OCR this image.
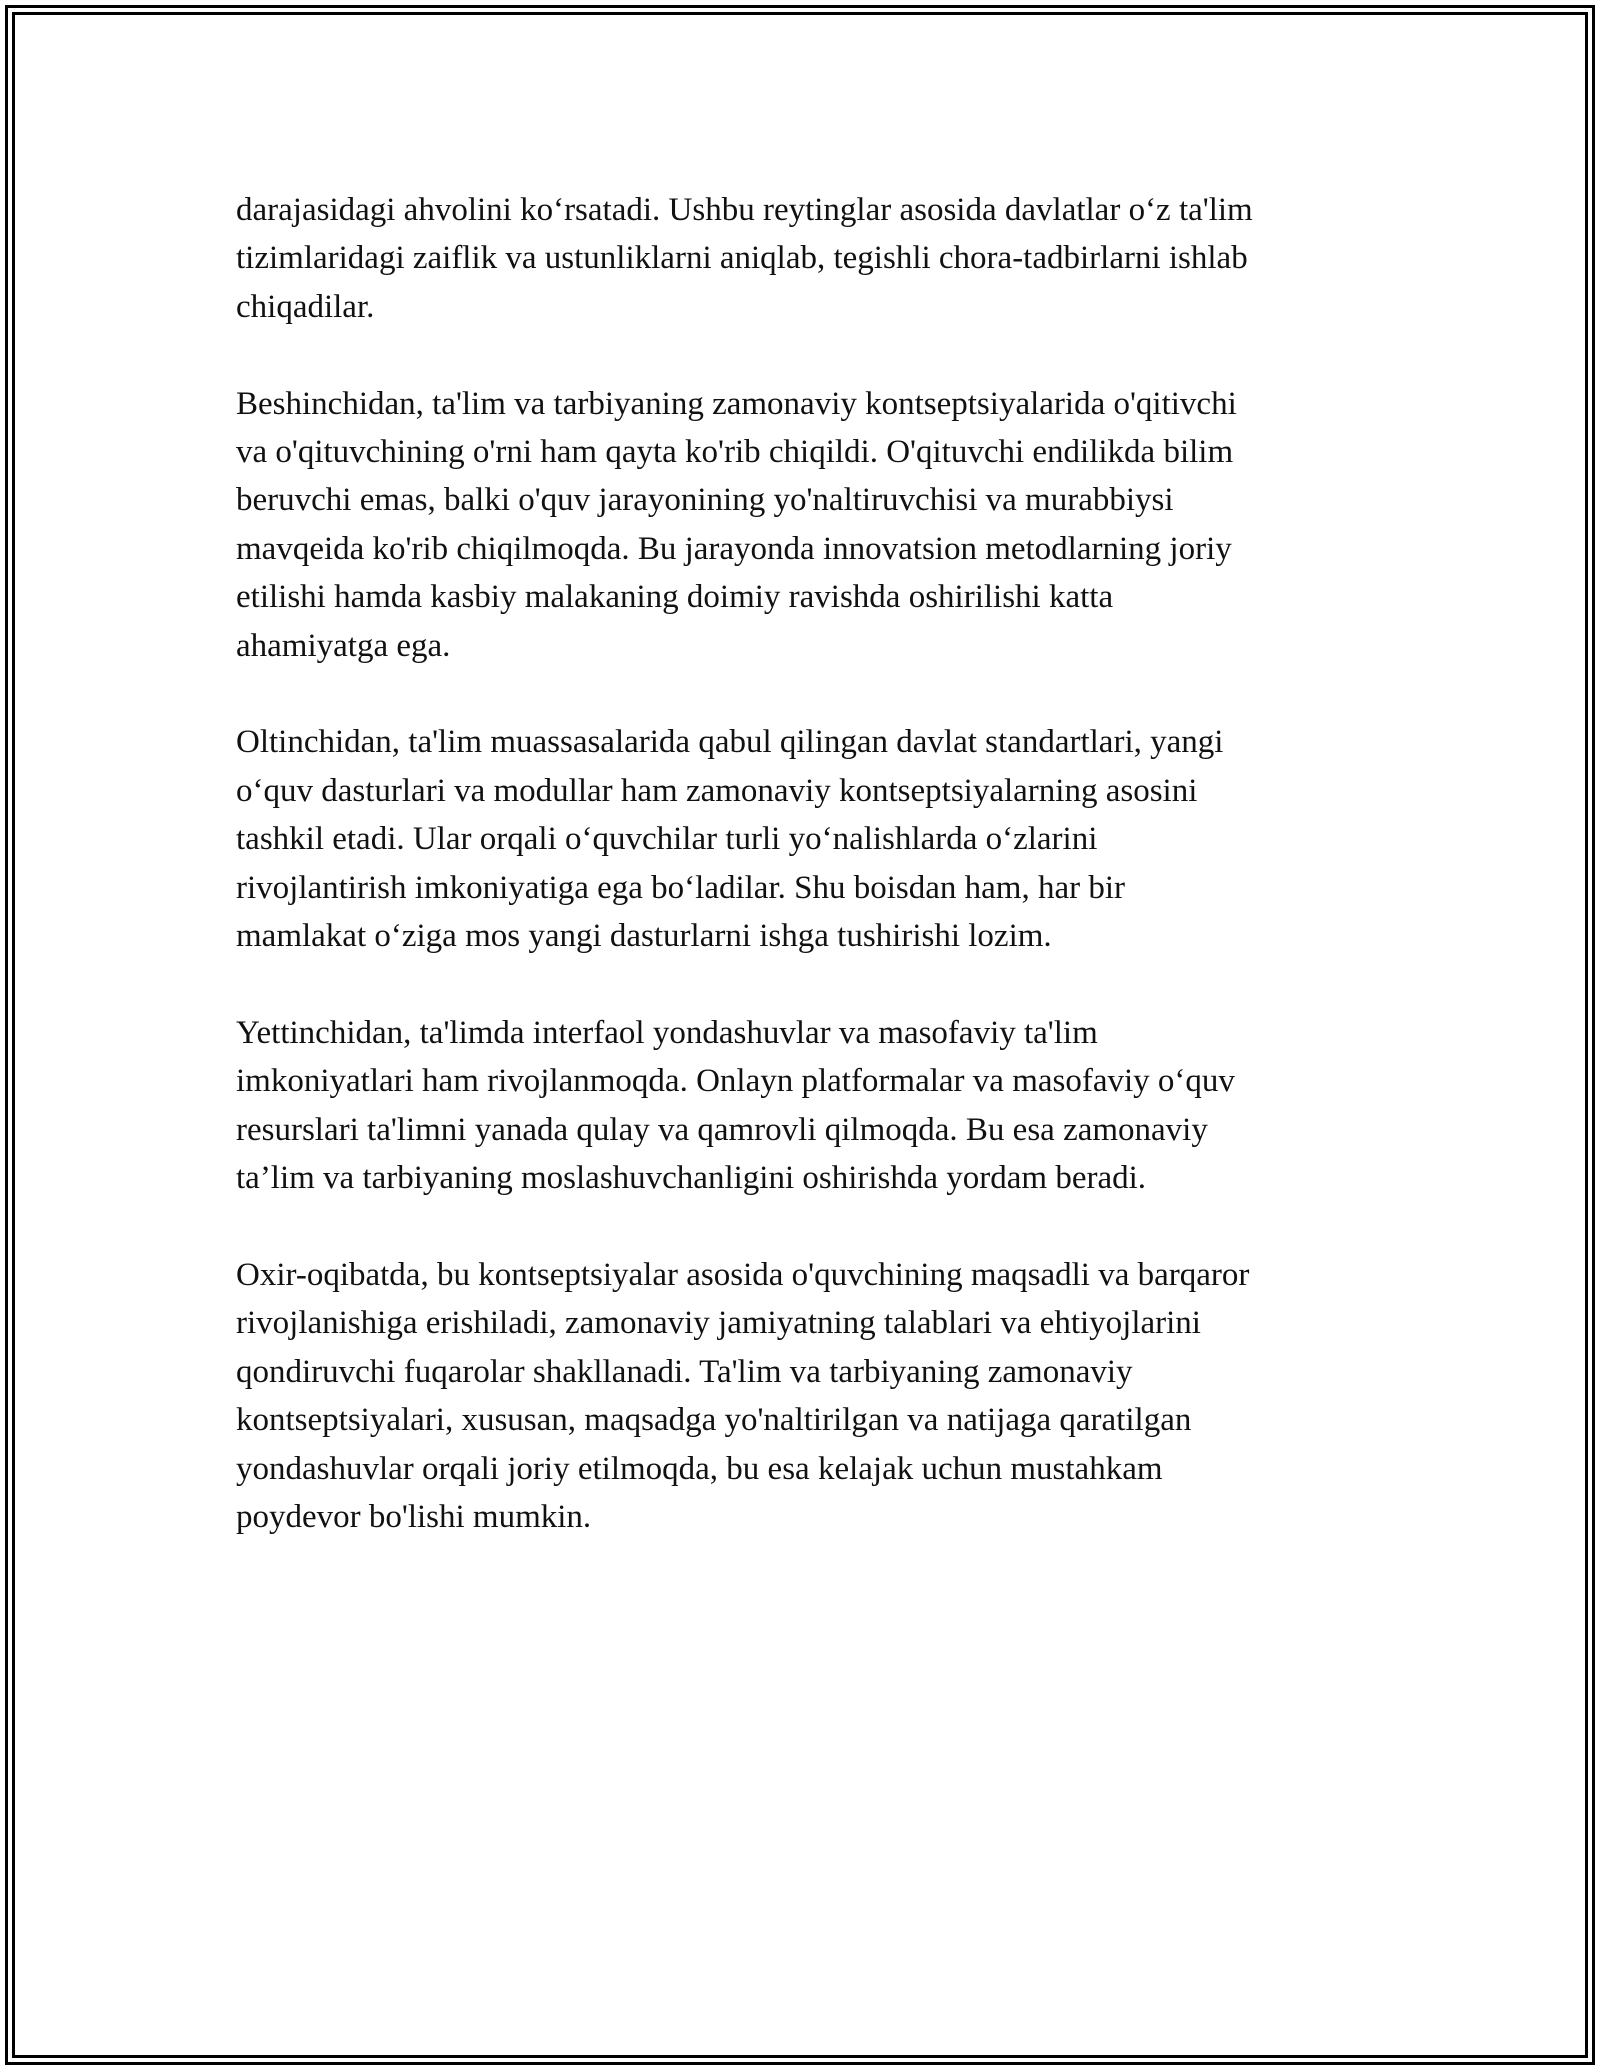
darajasidagi ahvolini koʻrsatadi. Ushbu reytinglar asosida davlatlar oʻz ta'lim
tizimlaridagi zaiflik va ustunliklarni aniqlab, tegishli chora-tadbirlarni ishlab
chiqadilar.

Beshinchidan, ta'lim va tarbiyaning zamonaviy kontseptsiyalarida o'qitivchi
va o'qituvchining o'rni ham qayta ko'rib chiqildi. O'qituvchi endilikda bilim
beruvchi emas, balki o'quv jarayonining yo'naltiruvchisi va murabbiysi
mavqeida ko'rib chiqilmoqda. Bu jarayonda innovatsion metodlarning joriy
etilishi hamda kasbiy malakaning doimiy ravishda oshirilishi katta
ahamiyatga ega.

Oltinchidan, ta'lim muassasalarida qabul qilingan davlat standartlari, yangi
oʻquv dasturlari va modullar ham zamonaviy kontseptsiyalarning asosini
tashkil etadi. Ular orqali oʻquvchilar turli yoʻnalishlarda oʻzlarini
rivojlantirish imkoniyatiga ega boʻladilar. Shu boisdan ham, har bir
mamlakat oʻziga mos yangi dasturlarni ishga tushirishi lozim.

Yettinchidan, ta'limda interfaol yondashuvlar va masofaviy ta'lim
imkoniyatlari ham rivojlanmoqda. Onlayn platformalar va masofaviy oʻquv
resurslari ta'limni yanada qulay va qamrovli qilmoqda. Bu esa zamonaviy
ta’lim va tarbiyaning moslashuvchanligini oshirishda yordam beradi.

Oxir-oqibatda, bu kontseptsiyalar asosida o'quvchining maqsadli va barqaror
rivojlanishiga erishiladi, zamonaviy jamiyatning talablari va ehtiyojlarini
qondiruvchi fuqarolar shakllanadi. Ta'lim va tarbiyaning zamonaviy
kontseptsiyalari, xususan, maqsadga yo'naltirilgan va natijaga qaratilgan
yondashuvlar orqali joriy etilmoqda, bu esa kelajak uchun mustahkam
poydevor bo'lishi mumkin.
